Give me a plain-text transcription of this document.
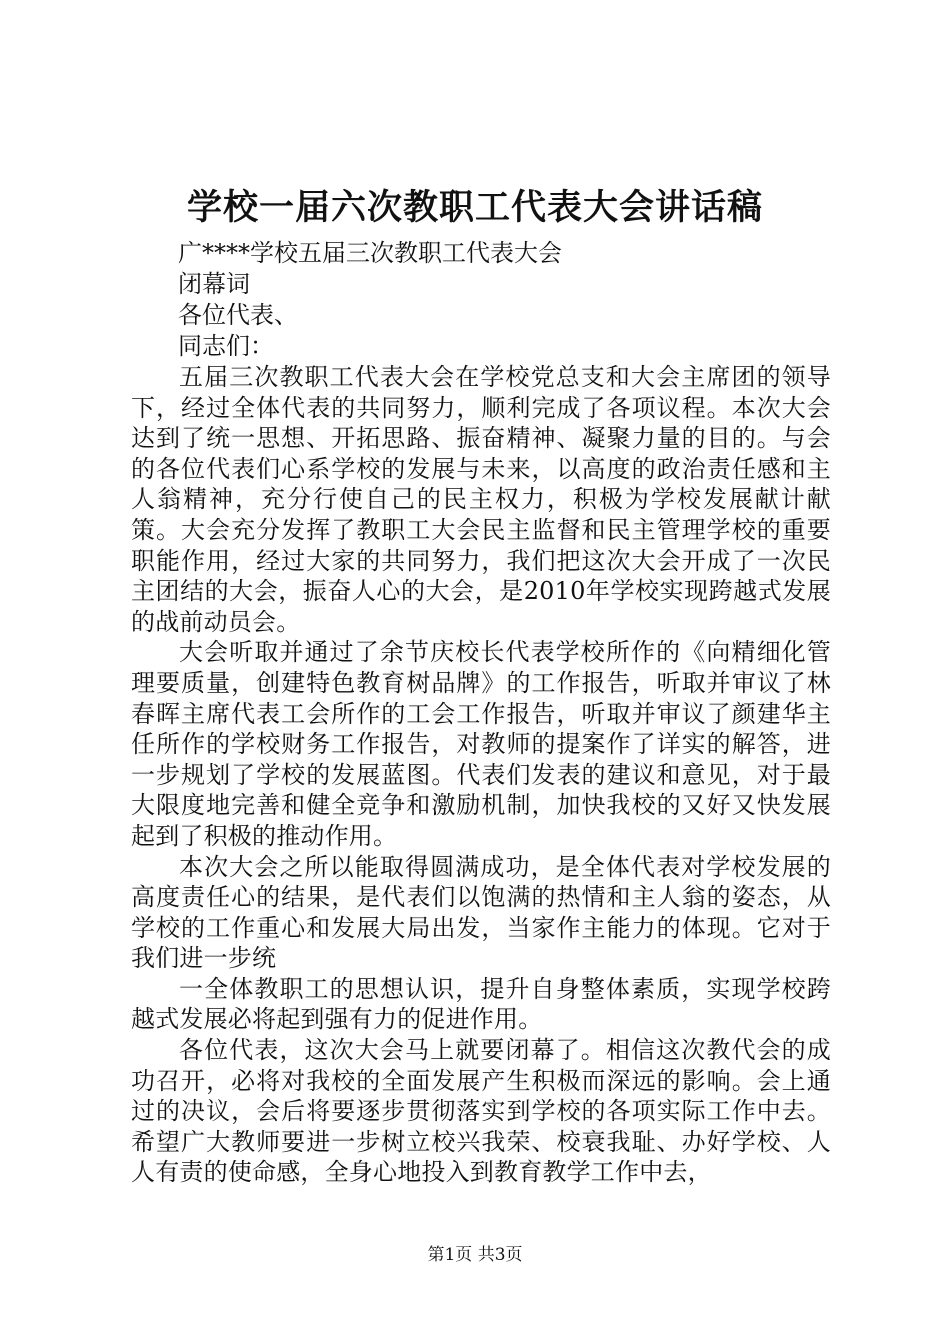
学校一届六次教职工代表大会讲话稿

广****学校五届三次教职工代表大会

闭幕词

各位代表、

同志们：

五届三次教职工代表大会在学校党总支和大会主席团的领导下，经过全体代表的共同努力，顺利完成了各项议程。本次大会达到了统一思想、开拓思路、振奋精神、凝聚力量的目的。与会的各位代表们心系学校的发展与未来，以高度的政治责任感和主人翁精神，充分行使自己的民主权力，积极为学校发展献计献策。大会充分发挥了教职工大会民主监督和民主管理学校的重要职能作用，经过大家的共同努力，我们把这次大会开成了一次民主团结的大会，振奋人心的大会，是2010年学校实现跨越式发展的战前动员会。

大会听取并通过了余节庆校长代表学校所作的《向精细化管理要质量，创建特色教育树品牌》的工作报告，听取并审议了林春晖主席代表工会所作的工会工作报告，听取并审议了颜建华主任所作的学校财务工作报告，对教师的提案作了详实的解答，进一步规划了学校的发展蓝图。代表们发表的建议和意见，对于最大限度地完善和健全竞争和激励机制，加快我校的又好又快发展起到了积极的推动作用。

本次大会之所以能取得圆满成功，是全体代表对学校发展的高度责任心的结果，是代表们以饱满的热情和主人翁的姿态，从学校的工作重心和发展大局出发，当家作主能力的体现。它对于我们进一步统

一全体教职工的思想认识，提升自身整体素质，实现学校跨越式发展必将起到强有力的促进作用。

各位代表，这次大会马上就要闭幕了。相信这次教代会的成功召开，必将对我校的全面发展产生积极而深远的影响。会上通过的决议，会后将要逐步贯彻落实到学校的各项实际工作中去。希望广大教师要进一步树立校兴我荣、校衰我耻、办好学校、人人有责的使命感，全身心地投入到教育教学工作中去，

第1页 共3页
